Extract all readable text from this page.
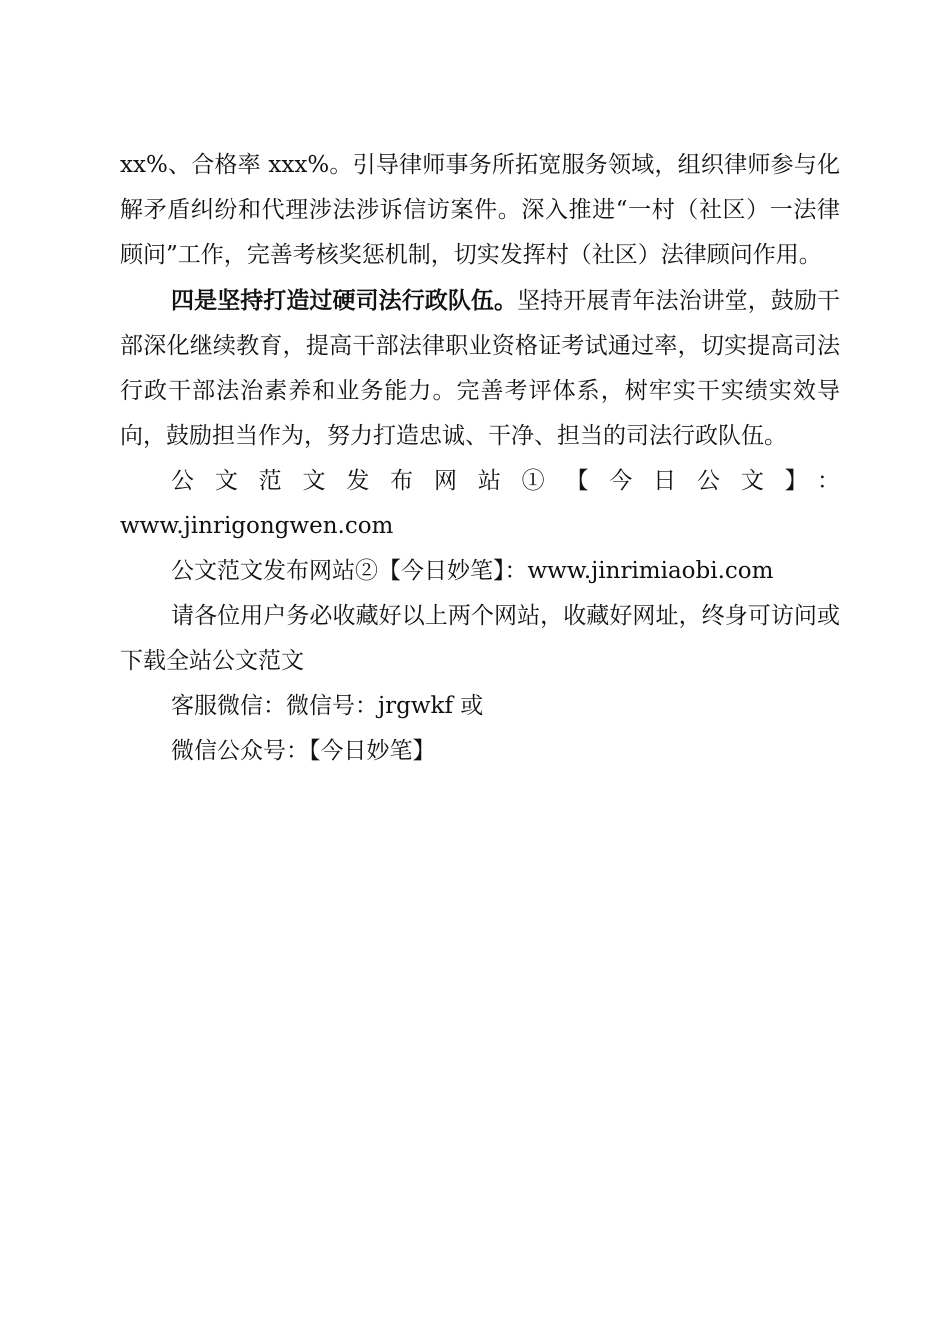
xx%、合格率 xxx%。引导律师事务所拓宽服务领域，组织律师参与化解矛盾纠纷和代理涉法涉诉信访案件。深入推进“一村（社区）一法律顾问”工作，完善考核奖惩机制，切实发挥村（社区）法律顾问作用。

四是坚持打造过硬司法行政队伍。坚持开展青年法治讲堂，鼓励干部深化继续教育，提高干部法律职业资格证考试通过率，切实提高司法行政干部法治素养和业务能力。完善考评体系，树牢实干实绩实效导向，鼓励担当作为，努力打造忠诚、干净、担当的司法行政队伍。

公文范文发布网站①【今日公文】：

www.jinrigongwen.com

公文范文发布网站②【今日妙笔】：www.jinrimiaobi.com

请各位用户务必收藏好以上两个网站，收藏好网址，终身可访问或下载全站公文范文

客服微信：微信号：jrgwkf 或

微信公众号：【今日妙笔】
